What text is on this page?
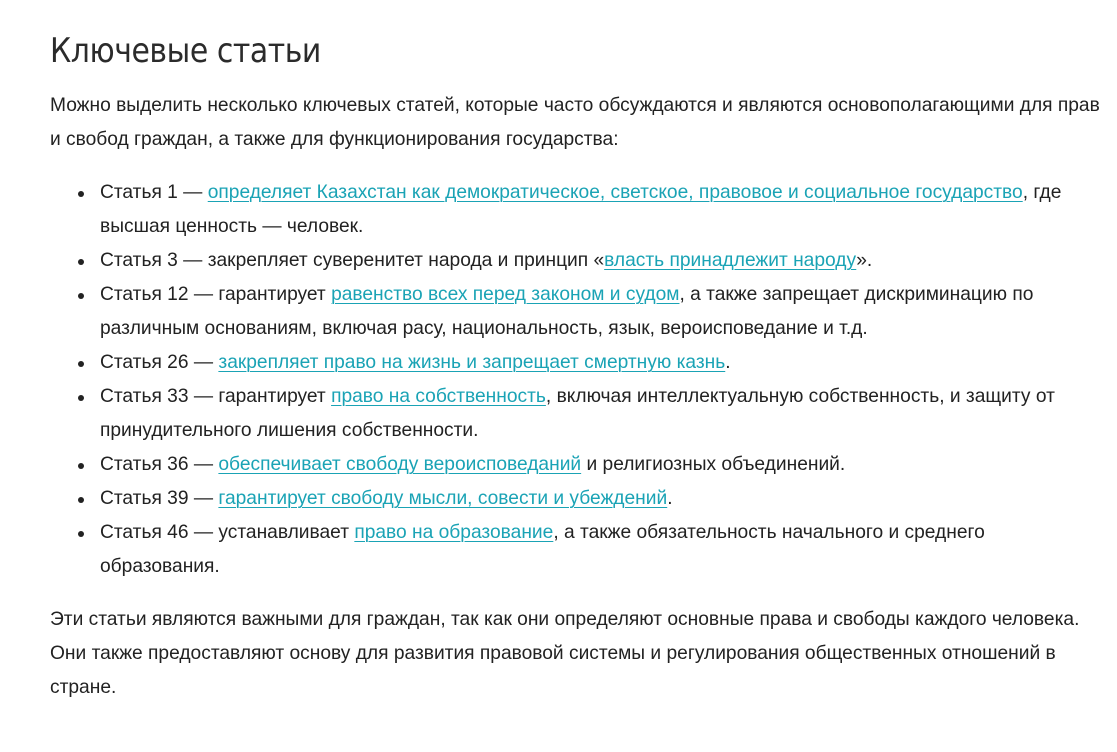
Ключевые статьи

Можно выделить несколько ключевых статей, которые часто обсуждаются и являются основополагающими для прав и свобод граждан, а также для функционирования государства:

Статья 1 — определяет Казахстан как демократическое, светское, правовое и социальное государство, где высшая ценность — человек.
Статья 3 — закрепляет суверенитет народа и принцип «власть принадлежит народу».
Статья 12 — гарантирует равенство всех перед законом и судом, а также запрещает дискриминацию по различным основаниям, включая расу, национальность, язык, вероисповедание и т.д.
Статья 26 — закрепляет право на жизнь и запрещает смертную казнь.
Статья 33 — гарантирует право на собственность, включая интеллектуальную собственность, и защиту от принудительного лишения собственности.
Статья 36 — обеспечивает свободу вероисповеданий и религиозных объединений.
Статья 39 — гарантирует свободу мысли, совести и убеждений.
Статья 46 — устанавливает право на образование, а также обязательность начального и среднего образования.

Эти статьи являются важными для граждан, так как они определяют основные права и свободы каждого человека. Они также предоставляют основу для развития правовой системы и регулирования общественных отношений в стране.
